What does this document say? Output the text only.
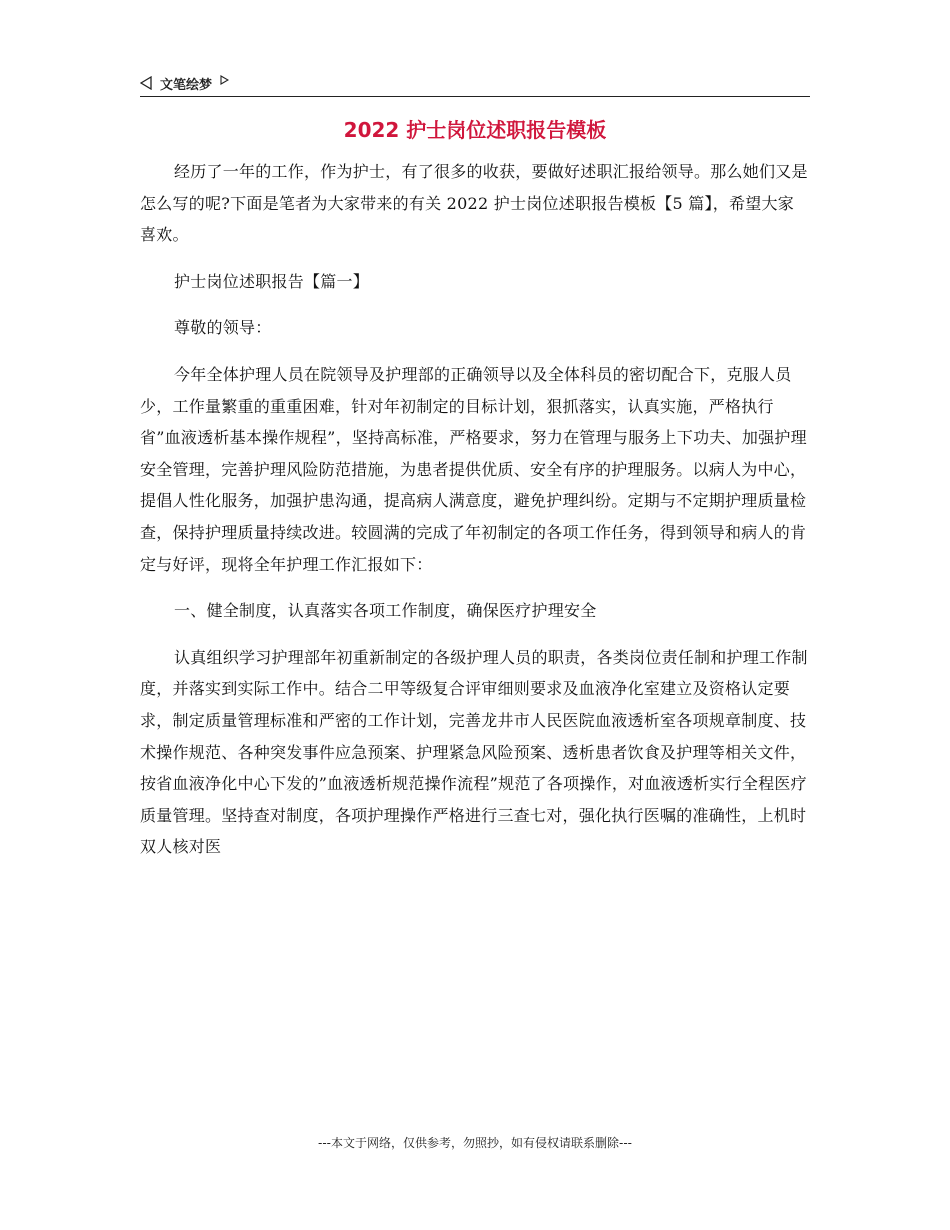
文笔绘梦
2022 护士岗位述职报告模板

经历了一年的工作，作为护士，有了很多的收获，要做好述职汇报给领导。那么她们又是怎么写的呢?下面是笔者为大家带来的有关 2022 护士岗位述职报告模板【5 篇】，希望大家喜欢。

护士岗位述职报告【篇一】

尊敬的领导：

今年全体护理人员在院领导及护理部的正确领导以及全体科员的密切配合下，克服人员少，工作量繁重的重重困难，针对年初制定的目标计划，狠抓落实，认真实施，严格执行省”血液透析基本操作规程”，坚持高标准，严格要求，努力在管理与服务上下功夫、加强护理安全管理，完善护理风险防范措施，为患者提供优质、安全有序的护理服务。以病人为中心，提倡人性化服务，加强护患沟通，提高病人满意度，避免护理纠纷。定期与不定期护理质量检查，保持护理质量持续改进。较圆满的完成了年初制定的各项工作任务，得到领导和病人的肯定与好评，现将全年护理工作汇报如下：

一、健全制度，认真落实各项工作制度，确保医疗护理安全

认真组织学习护理部年初重新制定的各级护理人员的职责，各类岗位责任制和护理工作制度，并落实到实际工作中。结合二甲等级复合评审细则要求及血液净化室建立及资格认定要求，制定质量管理标准和严密的工作计划，完善龙井市人民医院血液透析室各项规章制度、技术操作规范、各种突发事件应急预案、护理紧急风险预案、透析患者饮食及护理等相关文件，按省血液净化中心下发的”血液透析规范操作流程”规范了各项操作，对血液透析实行全程医疗质量管理。坚持查对制度，各项护理操作严格进行三查七对，强化执行医嘱的准确性，上机时双人核对医

---本文于网络，仅供参考，勿照抄，如有侵权请联系删除---
